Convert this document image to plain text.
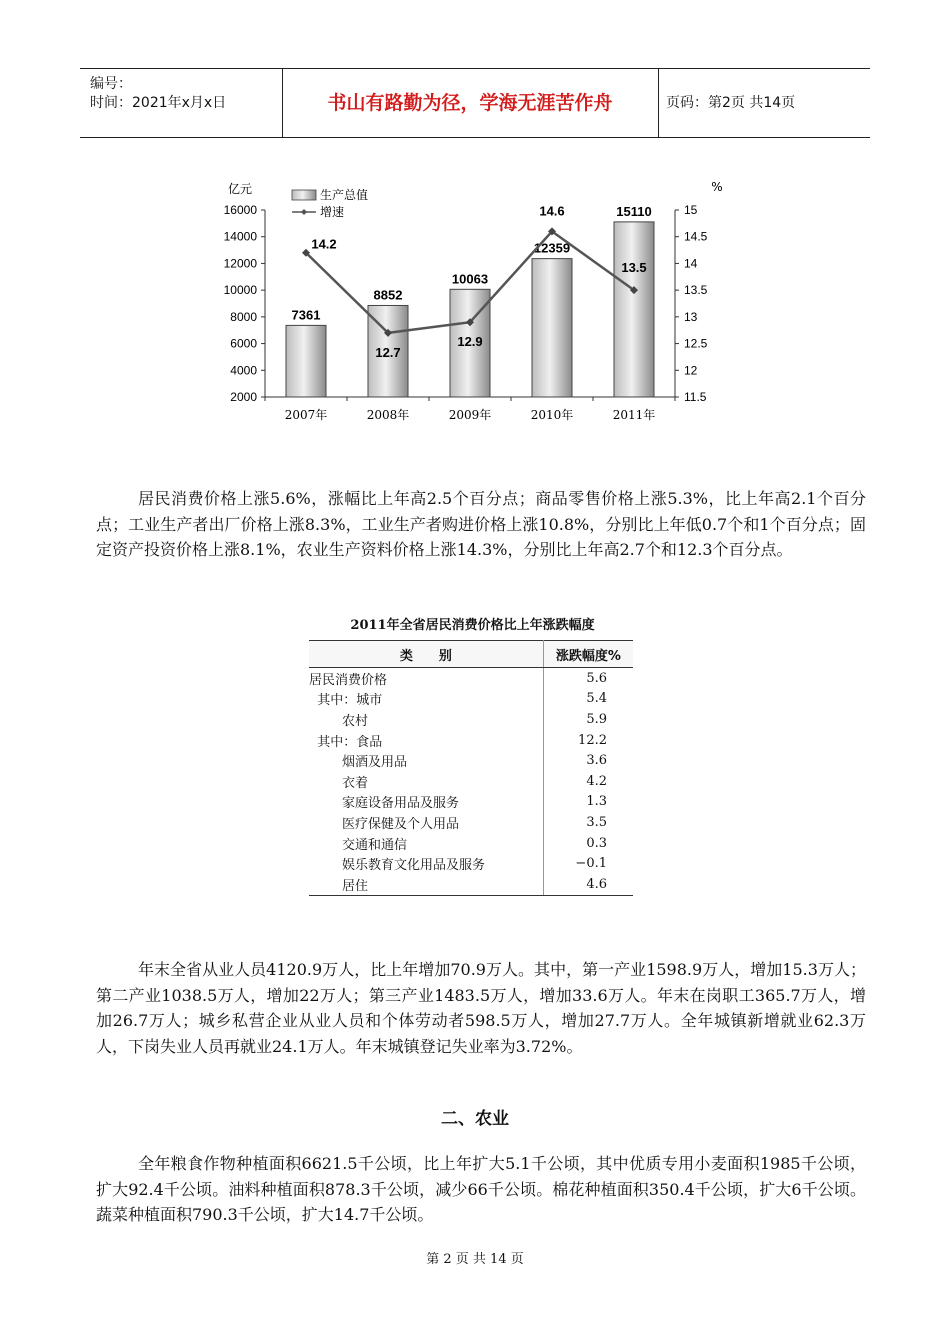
编号：
时间：2021年x月x日	书山有路勤为径，学海无涯苦作舟	页码：第2页 共14页
2000
4000
6000
8000
10000
12000
14000
16000
11.5
12
12.5
13
13.5
14
14.5
15
2007年	2008年	2009年	2010年	2011年
亿元	%
生产总值
增速
7361
8852
10063
12359
15110
14.2
12.7
12.9
14.6
13.5

居民消费价格上涨5.6%，涨幅比上年高2.5个百分点；商品零售价格上涨5.3%，比上年高2.1个百分点；工业生产者出厂价格上涨8.3%，工业生产者购进价格上涨10.8%，分别比上年低0.7个和1个百分点；固定资产投资价格上涨8.1%，农业生产资料价格上涨14.3%，分别比上年高2.7个和12.3个百分点。

2011年全省居民消费价格比上年涨跌幅度
类　　别	涨跌幅度%
居民消费价格	5.6
其中：城市	5.4
农村	5.9
其中：食品	12.2
烟酒及用品	3.6
衣着	4.2
家庭设备用品及服务	1.3
医疗保健及个人用品	3.5
交通和通信	0.3
娱乐教育文化用品及服务	−0.1
居住	4.6

年末全省从业人员4120.9万人，比上年增加70.9万人。其中，第一产业1598.9万人，增加15.3万人；第二产业1038.5万人，增加22万人；第三产业1483.5万人，增加33.6万人。年末在岗职工365.7万人，增加26.7万人；城乡私营企业从业人员和个体劳动者598.5万人，增加27.7万人。全年城镇新增就业62.3万人，下岗失业人员再就业24.1万人。年末城镇登记失业率为3.72%。

二、农业

全年粮食作物种植面积6621.5千公顷，比上年扩大5.1千公顷，其中优质专用小麦面积1985千公顷，扩大92.4千公顷。油料种植面积878.3千公顷，减少66千公顷。棉花种植面积350.4千公顷，扩大6千公顷。蔬菜种植面积790.3千公顷，扩大14.7千公顷。

第 2 页 共 14 页
